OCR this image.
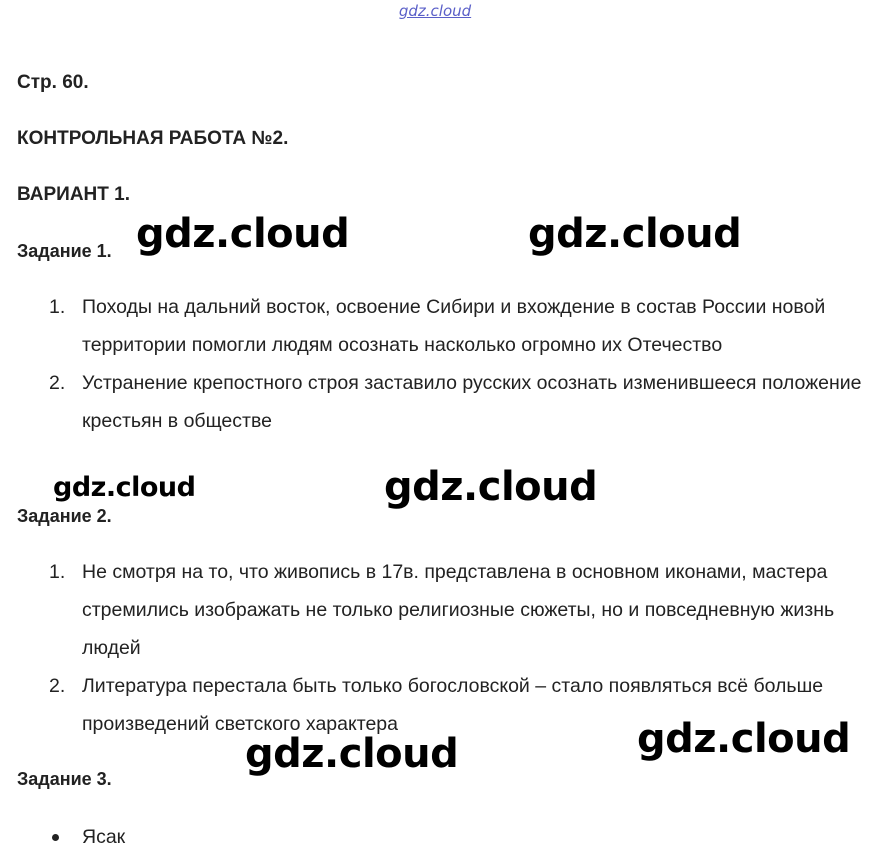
gdz.cloud
Стр. 60.
КОНТРОЛЬНАЯ РАБОТА №2.
ВАРИАНТ 1.
Задание 1.
1. Походы на дальний восток, освоение Сибири и вхождение в состав России новой территории помогли людям осознать насколько огромно их Отечество
2. Устранение крепостного строя заставило русских осознать изменившееся положение крестьян в обществе
Задание 2.
1. Не смотря на то, что живопись в 17в. представлена в основном иконами, мастера стремились изображать не только религиозные сюжеты, но и повседневную жизнь людей
2. Литература перестала быть только богословской – стало появляться всё больше произведений светского характера
Задание 3.
Ясак
gdz.cloud	gdz.cloud
gdz.cloud	gdz.cloud
gdz.cloud	gdz.cloud
